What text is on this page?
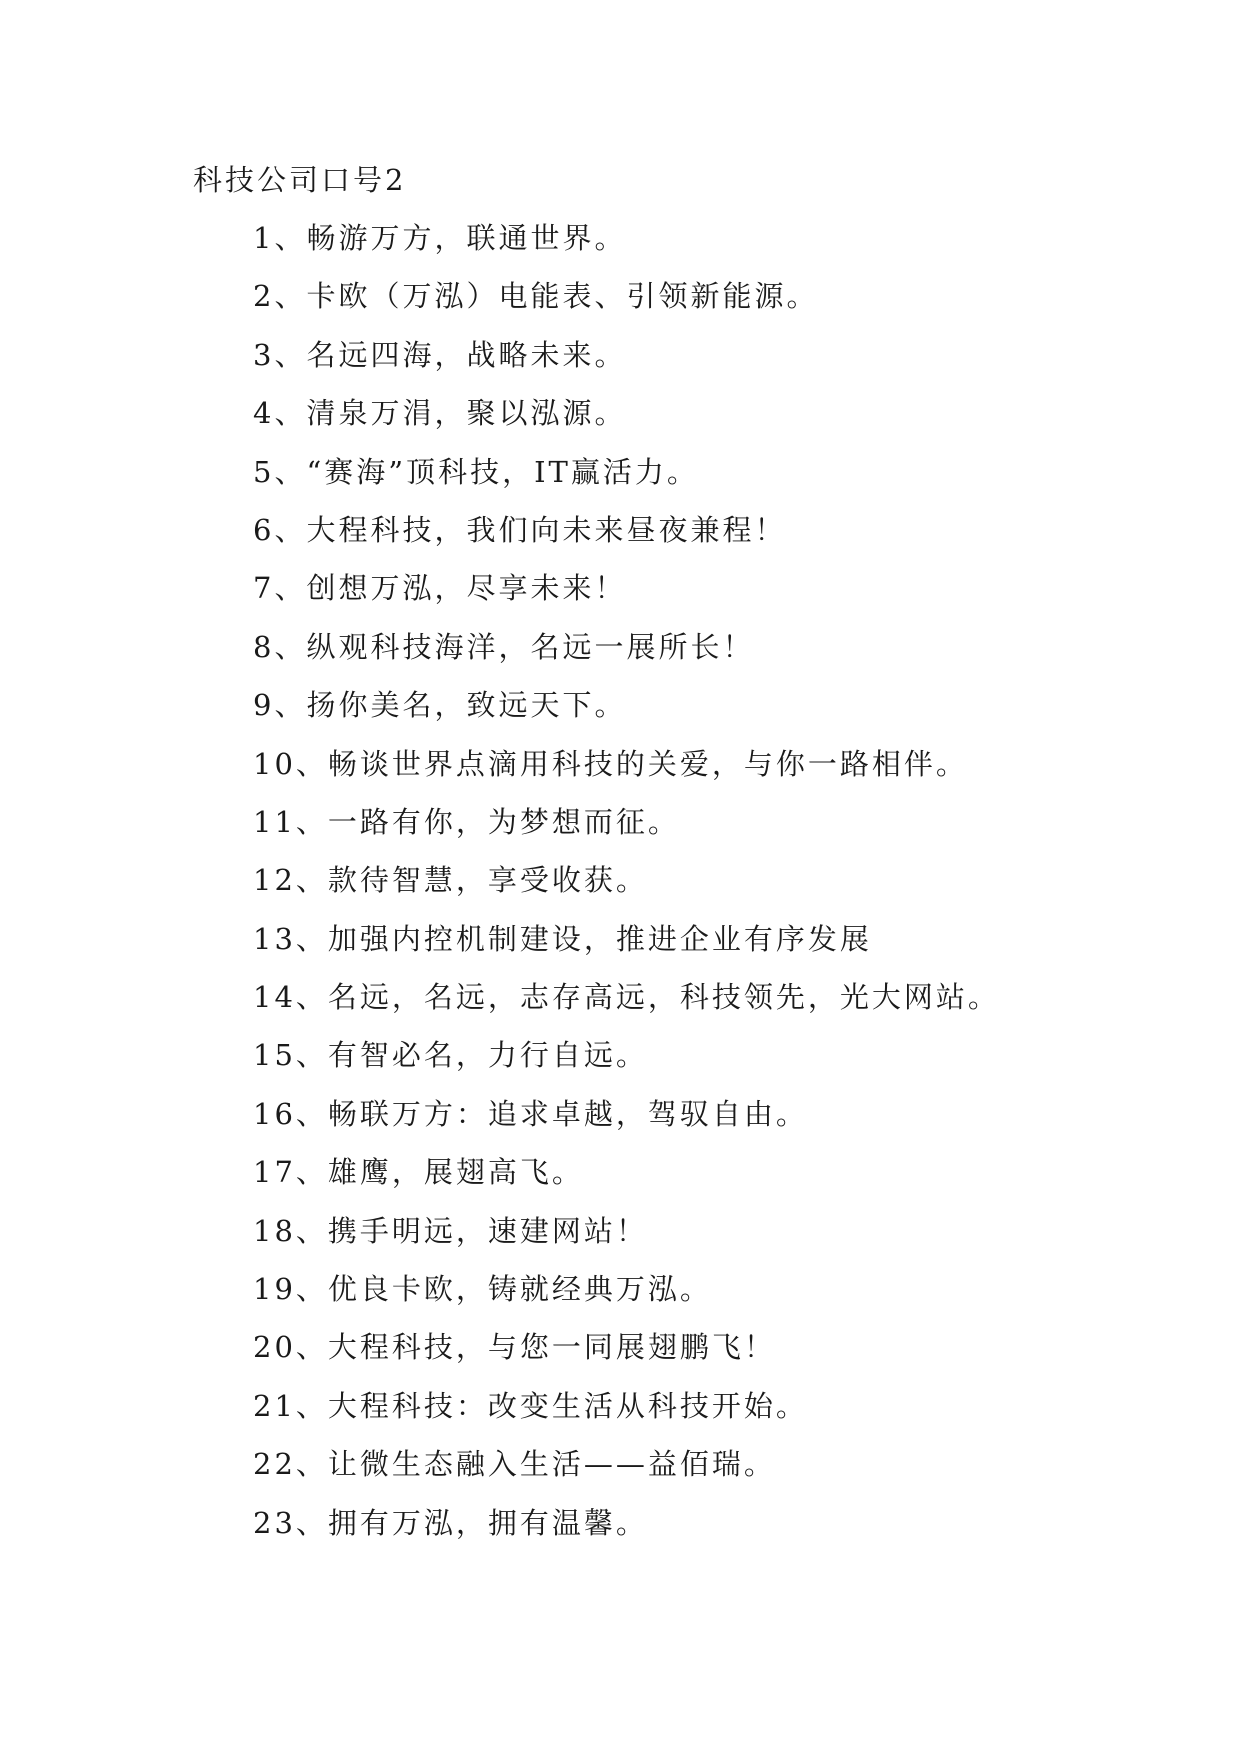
科技公司口号2
1、畅游万方，联通世界。
2、卡欧（万泓）电能表、引领新能源。
3、名远四海，战略未来。
4、清泉万涓，聚以泓源。
5、“赛海”顶科技，IT赢活力。
6、大程科技，我们向未来昼夜兼程！
7、创想万泓，尽享未来！
8、纵观科技海洋，名远一展所长！
9、扬你美名，致远天下。
10、畅谈世界点滴用科技的关爱，与你一路相伴。
11、一路有你，为梦想而征。
12、款待智慧，享受收获。
13、加强内控机制建设，推进企业有序发展
14、名远，名远，志存高远，科技领先，光大网站。
15、有智必名，力行自远。
16、畅联万方：追求卓越，驾驭自由。
17、雄鹰，展翅高飞。
18、携手明远，速建网站！
19、优良卡欧，铸就经典万泓。
20、大程科技，与您一同展翅鹏飞！
21、大程科技：改变生活从科技开始。
22、让微生态融入生活——益佰瑞。
23、拥有万泓，拥有温馨。
